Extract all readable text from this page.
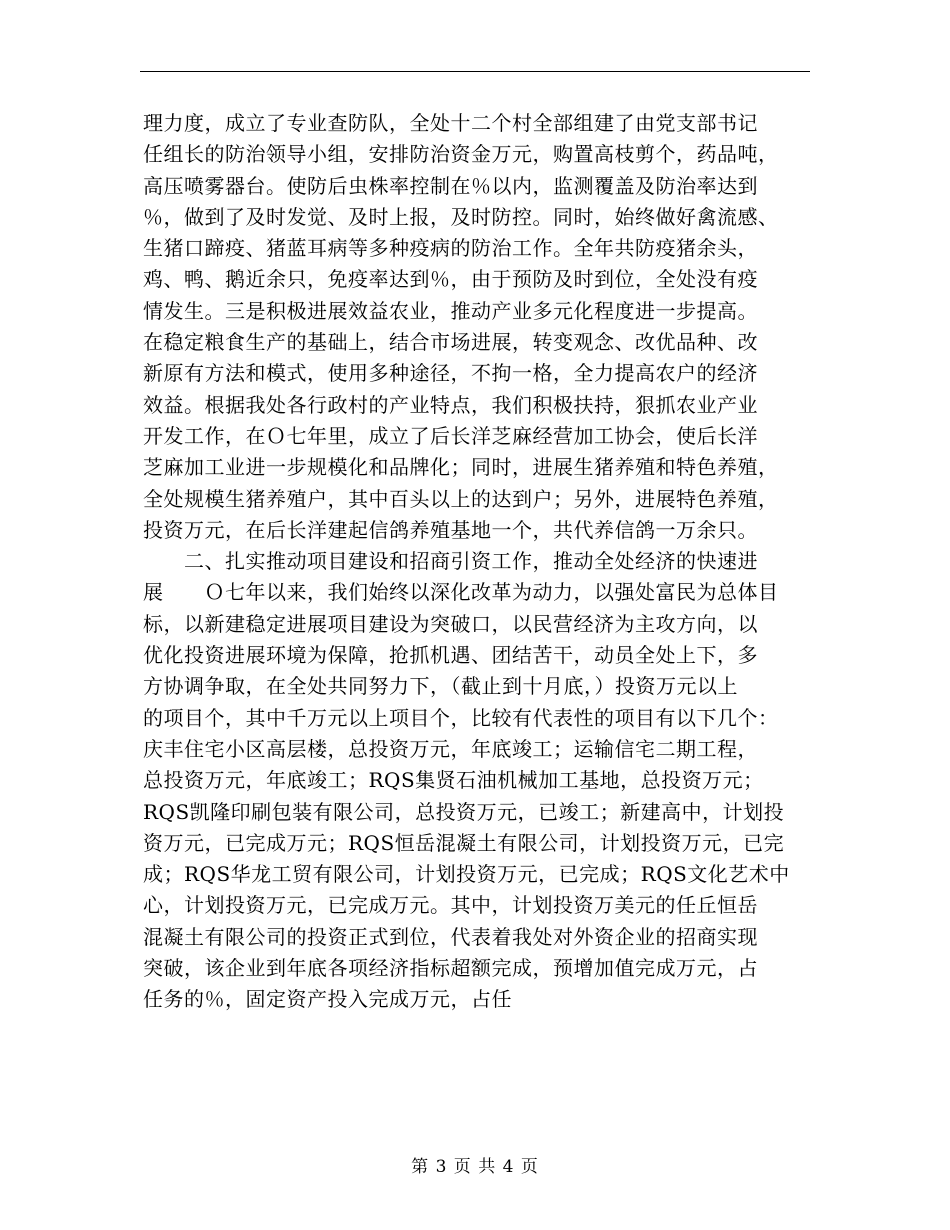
理力度，成立了专业查防队，全处十二个村全部组建了由党支部书记
任组长的防治领导小组，安排防治资金万元，购置高枝剪个，药品吨，
高压喷雾器台。使防后虫株率控制在％以内，监测覆盖及防治率达到
％，做到了及时发觉、及时上报，及时防控。同时，始终做好禽流感、
生猪口蹄疫、猪蓝耳病等多种疫病的防治工作。全年共防疫猪余头，
鸡、鸭、鹅近余只，免疫率达到％，由于预防及时到位，全处没有疫
情发生。三是积极进展效益农业，推动产业多元化程度进一步提高。
在稳定粮食生产的基础上，结合市场进展，转变观念、改优品种、改
新原有方法和模式，使用多种途径，不拘一格，全力提高农户的经济
效益。根据我处各行政村的产业特点，我们积极扶持，狠抓农业产业
开发工作，在Ｏ七年里，成立了后长洋芝麻经营加工协会，使后长洋
芝麻加工业进一步规模化和品牌化；同时，进展生猪养殖和特色养殖，
全处规模生猪养殖户，其中百头以上的达到户；另外，进展特色养殖，
投资万元，在后长洋建起信鸽养殖基地一个，共代养信鸽一万余只。
　　二、扎实推动项目建设和招商引资工作，推动全处经济的快速进
展　　Ｏ七年以来，我们始终以深化改革为动力，以强处富民为总体目
标，以新建稳定进展项目建设为突破口，以民营经济为主攻方向，以
优化投资进展环境为保障，抢抓机遇、团结苦干，动员全处上下，多
方协调争取，在全处共同努力下，（截止到十月底，）投资万元以上
的项目个，其中千万元以上项目个，比较有代表性的项目有以下几个：
庆丰住宅小区高层楼，总投资万元，年底竣工；运输信宅二期工程，
总投资万元，年底竣工；RQS集贤石油机械加工基地，总投资万元；
RQS凯隆印刷包装有限公司，总投资万元，已竣工；新建高中，计划投
资万元，已完成万元；RQS恒岳混凝土有限公司，计划投资万元，已完
成；RQS华龙工贸有限公司，计划投资万元，已完成；RQS文化艺术中
心，计划投资万元，已完成万元。其中，计划投资万美元的任丘恒岳
混凝土有限公司的投资正式到位，代表着我处对外资企业的招商实现
突破，该企业到年底各项经济指标超额完成，预增加值完成万元，占
任务的％，固定资产投入完成万元，占任
第 3 页 共 4 页
